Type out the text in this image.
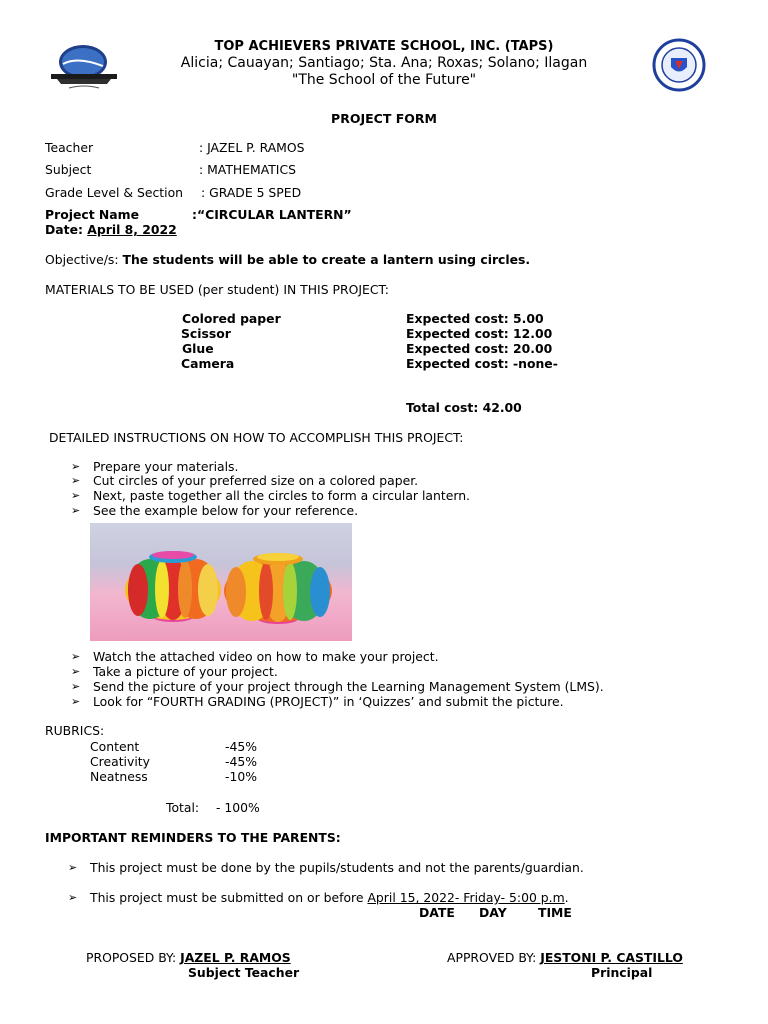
TOP ACHIEVERS PRIVATE SCHOOL, INC. (TAPS)
Alicia; Cauayan; Santiago; Sta. Ana; Roxas; Solano; Ilagan
"The School of the Future"
PROJECT FORM
Teacher	: JAZEL P. RAMOS
Subject	: MATHEMATICS
Grade Level & Section : GRADE 5 SPED
Project Name	:“CIRCULAR LANTERN”
Date: April 8, 2022
Objective/s: The students will be able to create a lantern using circles.
MATERIALS TO BE USED (per student) IN THIS PROJECT:
Colored paper	Expected cost: 5.00
Scissor	Expected cost: 12.00
Glue	Expected cost: 20.00
Camera	Expected cost: -none-
Total cost: 42.00
DETAILED INSTRUCTIONS ON HOW TO ACCOMPLISH THIS PROJECT:
➢ Prepare your materials.
➢ Cut circles of your preferred size on a colored paper.
➢ Next, paste together all the circles to form a circular lantern.
➢ See the example below for your reference.
➢ Watch the attached video on how to make your project.
➢ Take a picture of your project.
➢ Send the picture of your project through the Learning Management System (LMS).
➢ Look for “FOURTH GRADING (PROJECT)” in ‘Quizzes’ and submit the picture.
RUBRICS:
Content	-45%
Creativity	-45%
Neatness	-10%
Total: - 100%
IMPORTANT REMINDERS TO THE PARENTS:
➢ This project must be done by the pupils/students and not the parents/guardian.
➢ This project must be submitted on or before April 15, 2022- Friday- 5:00 p.m.
DATE DAY	TIME
PROPOSED BY: JAZEL P. RAMOS
Subject Teacher
APPROVED BY: JESTONI P. CASTILLO
Principal
